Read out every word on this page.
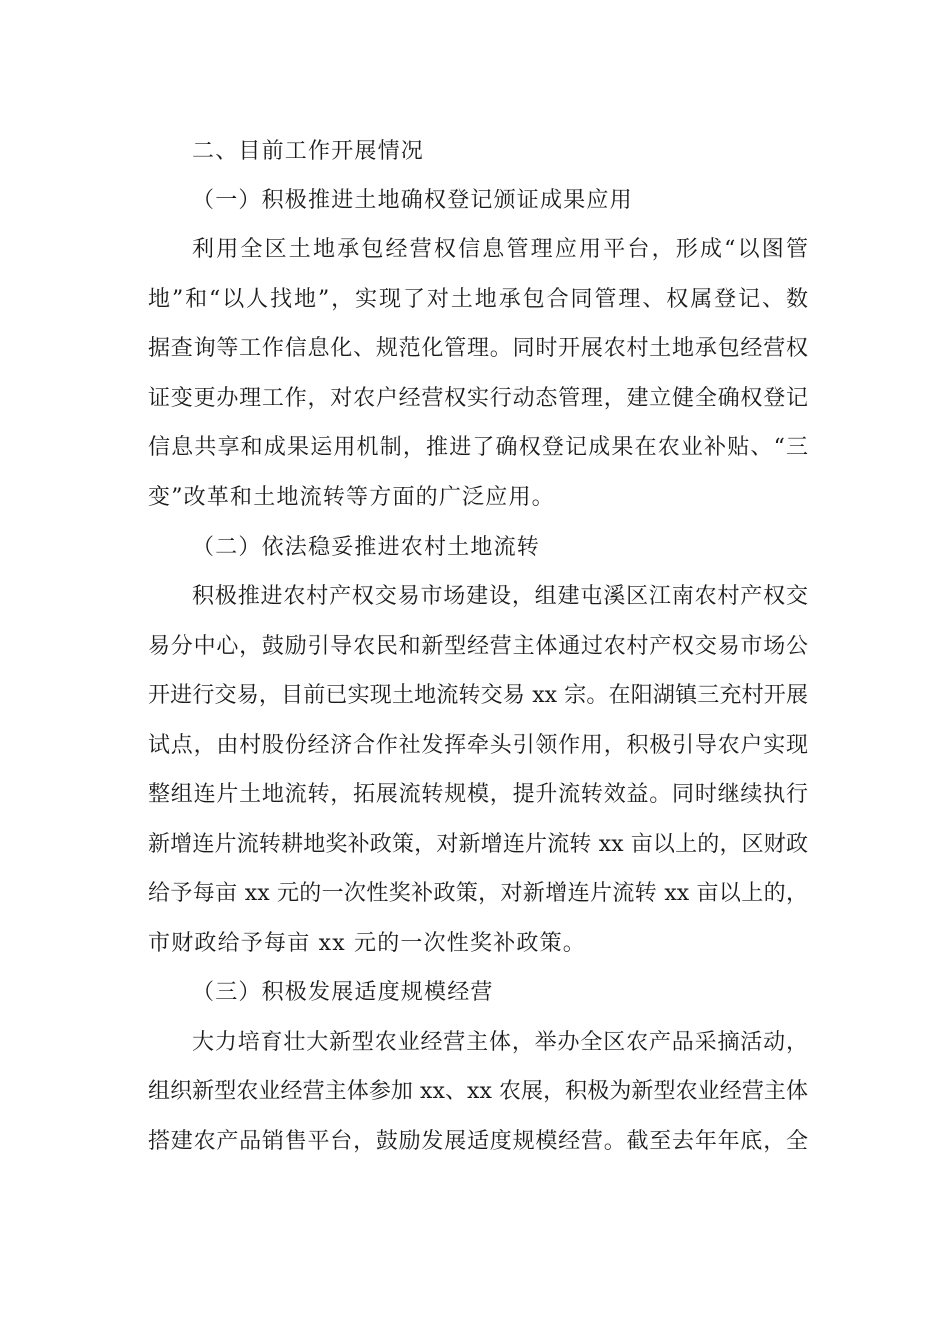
二、目前工作开展情况
（一）积极推进土地确权登记颁证成果应用
利用全区土地承包经营权信息管理应用平台，形成“以图管
地”和“以人找地”，实现了对土地承包合同管理、权属登记、数
据查询等工作信息化、规范化管理。同时开展农村土地承包经营权
证变更办理工作，对农户经营权实行动态管理，建立健全确权登记
信息共享和成果运用机制，推进了确权登记成果在农业补贴、“三
变”改革和土地流转等方面的广泛应用。
（二）依法稳妥推进农村土地流转
积极推进农村产权交易市场建设，组建屯溪区江南农村产权交
易分中心，鼓励引导农民和新型经营主体通过农村产权交易市场公
开进行交易，目前已实现土地流转交易 xx 宗。在阳湖镇三充村开展
试点，由村股份经济合作社发挥牵头引领作用，积极引导农户实现
整组连片土地流转，拓展流转规模，提升流转效益。同时继续执行
新增连片流转耕地奖补政策，对新增连片流转 xx 亩以上的，区财政
给予每亩 xx 元的一次性奖补政策，对新增连片流转 xx 亩以上的，
市财政给予每亩 xx 元的一次性奖补政策。
（三）积极发展适度规模经营
大力培育壮大新型农业经营主体，举办全区农产品采摘活动，
组织新型农业经营主体参加 xx、xx 农展，积极为新型农业经营主体
搭建农产品销售平台，鼓励发展适度规模经营。截至去年年底，全
